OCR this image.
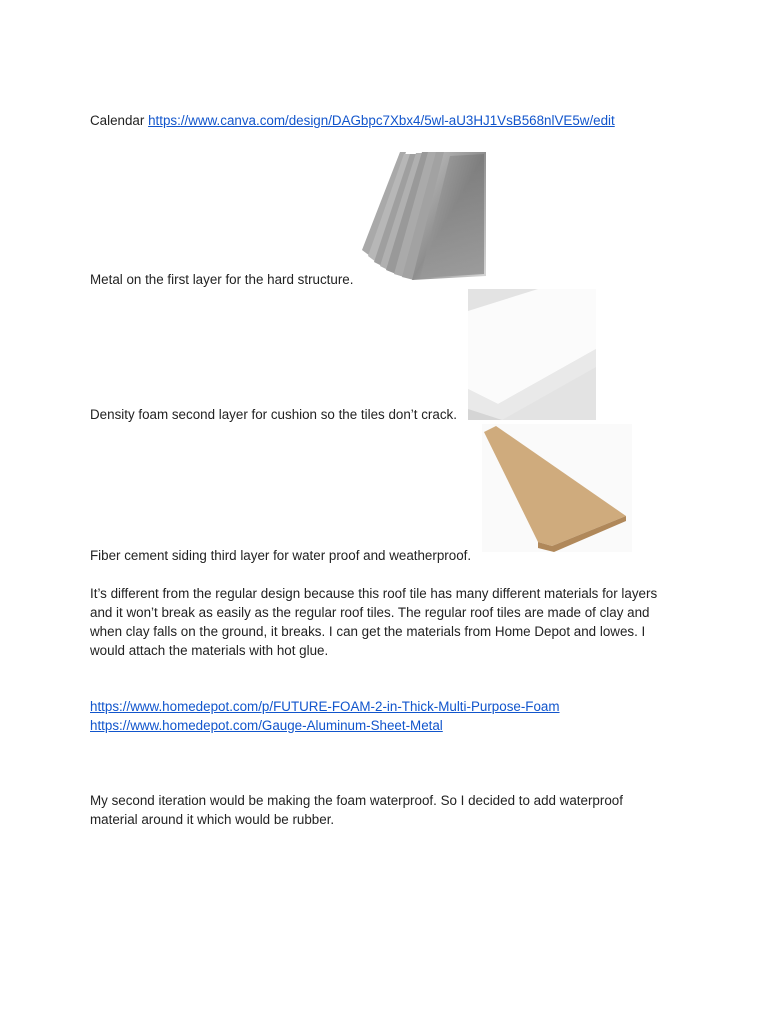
Calendar https://www.canva.com/design/DAGbpc7Xbx4/5wl-aU3HJ1VsB568nlVE5w/edit
Metal on the first layer for the hard structure.
Density foam second layer for cushion so the tiles don’t crack.
Fiber cement siding third layer for water proof and weatherproof.
It’s different from the regular design because this roof tile has many different materials for layers
and it won’t break as easily as the regular roof tiles. The regular roof tiles are made of clay and
when clay falls on the ground, it breaks. I can get the materials from Home Depot and lowes. I
would attach the materials with hot glue.
https://www.homedepot.com/p/FUTURE-FOAM-2-in-Thick-Multi-Purpose-Foam
https://www.homedepot.com/Gauge-Aluminum-Sheet-Metal
My second iteration would be making the foam waterproof. So I decided to add waterproof
material around it which would be rubber.
